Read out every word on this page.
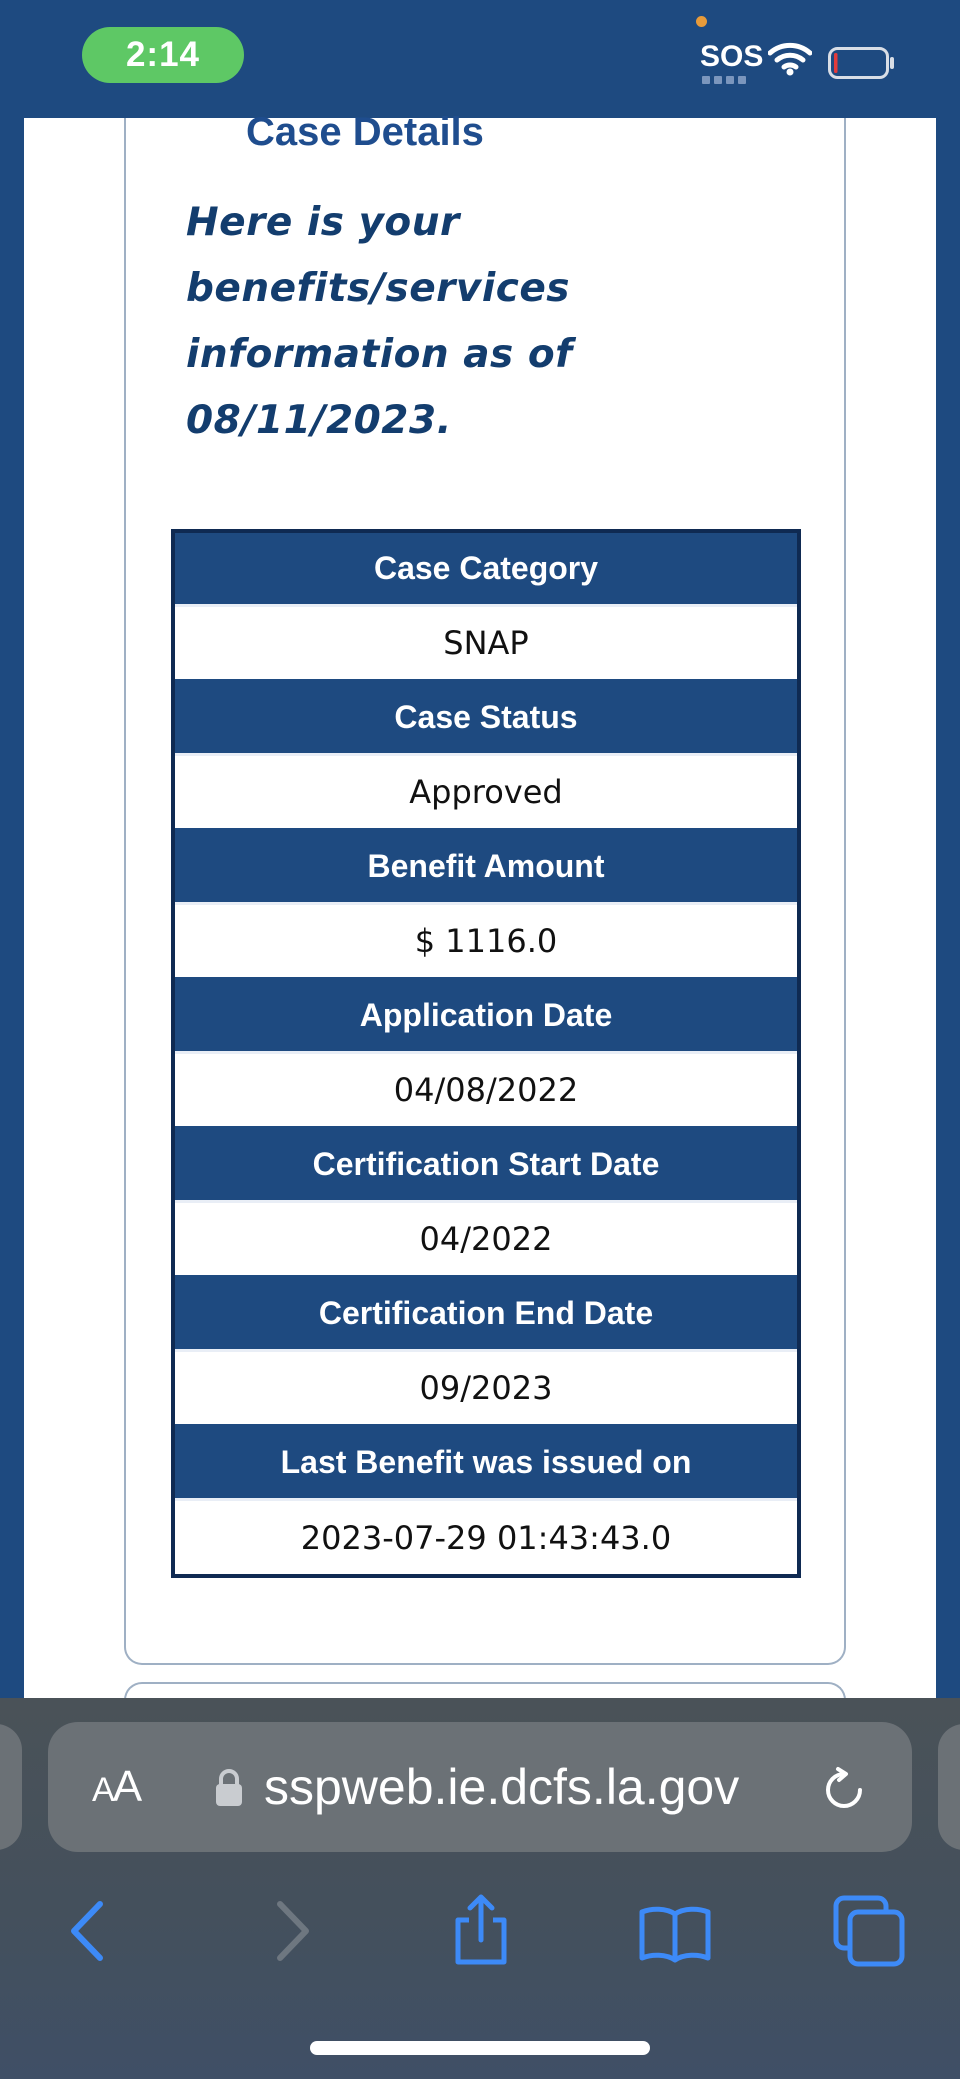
2:14	SOS
Case Details
Here is your benefits/services information as of 08/11/2023.
Case Category
SNAP
Case Status
Approved
Benefit Amount
$ 1116.0
Application Date
04/08/2022
Certification Start Date
04/2022
Certification End Date
09/2023
Last Benefit was issued on
2023-07-29 01:43:43.0
AA sspweb.ie.dcfs.la.gov
